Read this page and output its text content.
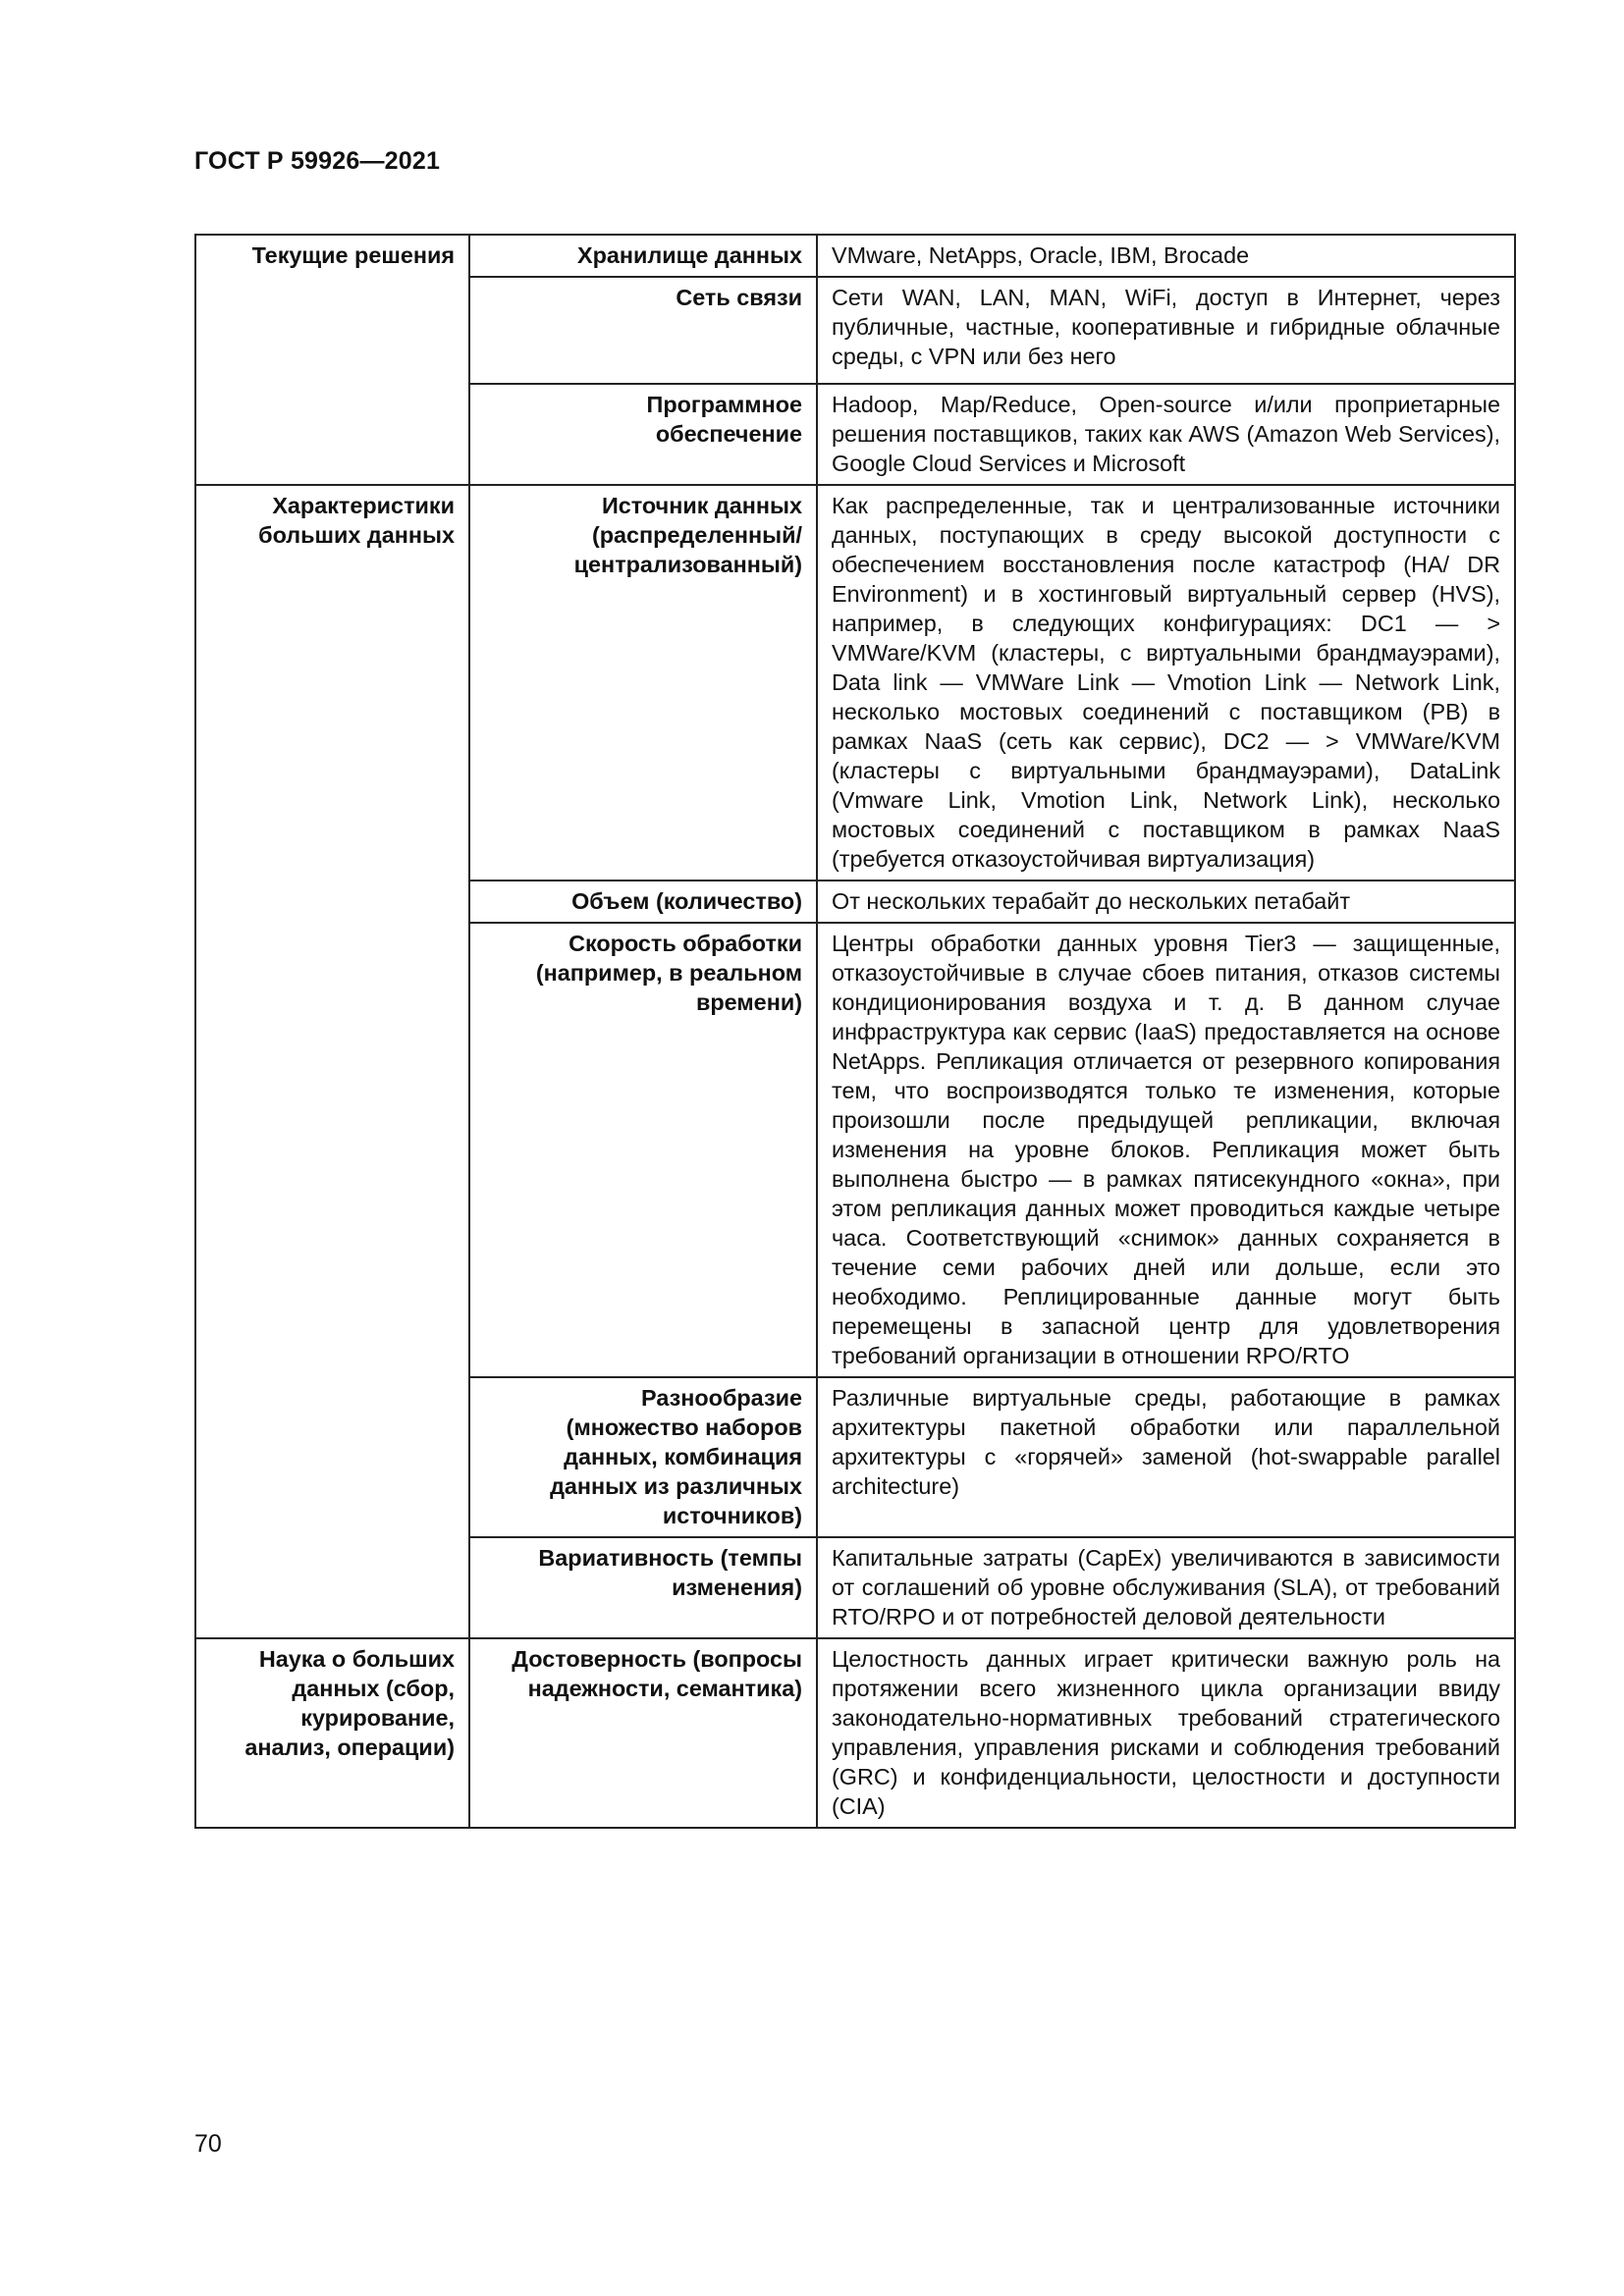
ГОСТ Р 59926—2021
Текущие решения	Хранилище данных	VMware, NetApps, Oracle, IBM, Brocade
	Сеть связи	Сети WAN, LAN, MAN, WiFi, доступ в Интернет, через публичные, частные, кооперативные и гибридные облачные среды, с VPN или без него
	Программное обеспечение	Hadoop, Map/Reduce, Open-source и/или проприетарные решения поставщиков, таких как AWS (Amazon Web Services), Google Cloud Services и Microsoft
Характеристики больших данных	Источник данных (распределенный/ централизованный)	Как распределенные, так и централизованные источники данных, поступающих в среду высокой доступности с обеспечением восстановления после катастроф (HA/ DR Environment) и в хостинговый виртуальный сервер (HVS), например, в следующих конфигурациях: DC1 — > VMWare/KVM (кластеры, с виртуальными брандмауэрами), Data link — VMWare Link — Vmotion Link — Network Link, несколько мостовых соединений с поставщиком (PB) в рамках NaaS (сеть как сервис), DC2 — > VMWare/KVM (кластеры с виртуальными брандмауэрами), DataLink (Vmware Link, Vmotion Link, Network Link), несколько мостовых соединений с поставщиком в рамках NaaS (требуется отказоустойчивая виртуализация)
	Объем (количество)	От нескольких терабайт до нескольких петабайт
	Скорость обработки (например, в реальном времени)	Центры обработки данных уровня Tier3 — защищенные, отказоустойчивые в случае сбоев питания, отказов системы кондиционирования воздуха и т. д. В данном случае инфраструктура как сервис (IaaS) предоставляется на основе NetApps. Репликация отличается от резервного копирования тем, что воспроизводятся только те изменения, которые произошли после предыдущей репликации, включая изменения на уровне блоков. Репликация может быть выполнена быстро — в рамках пятисекундного «окна», при этом репликация данных может проводиться каждые четыре часа. Соответствующий «снимок» данных сохраняется в течение семи рабочих дней или дольше, если это необходимо. Реплицированные данные могут быть перемещены в запасной центр для удовлетворения требований организации в отношении RPO/RTO
	Разнообразие (множество наборов данных, комбинация данных из различных источников)	Различные виртуальные среды, работающие в рамках архитектуры пакетной обработки или параллельной архитектуры с «горячей» заменой (hot-swappable parallel architecture)
	Вариативность (темпы изменения)	Капитальные затраты (CapEx) увеличиваются в зависимости от соглашений об уровне обслуживания (SLA), от требований RTO/RPO и от потребностей деловой деятельности
Наука о больших данных (сбор, курирование, анализ, операции)	Достоверность (вопросы надежности, семантика)	Целостность данных играет критически важную роль на протяжении всего жизненного цикла организации ввиду законодательно-нормативных требований стратегического управления, управления рисками и соблюдения требований (GRC) и конфиденциальности, целостности и доступности (CIA)
70
